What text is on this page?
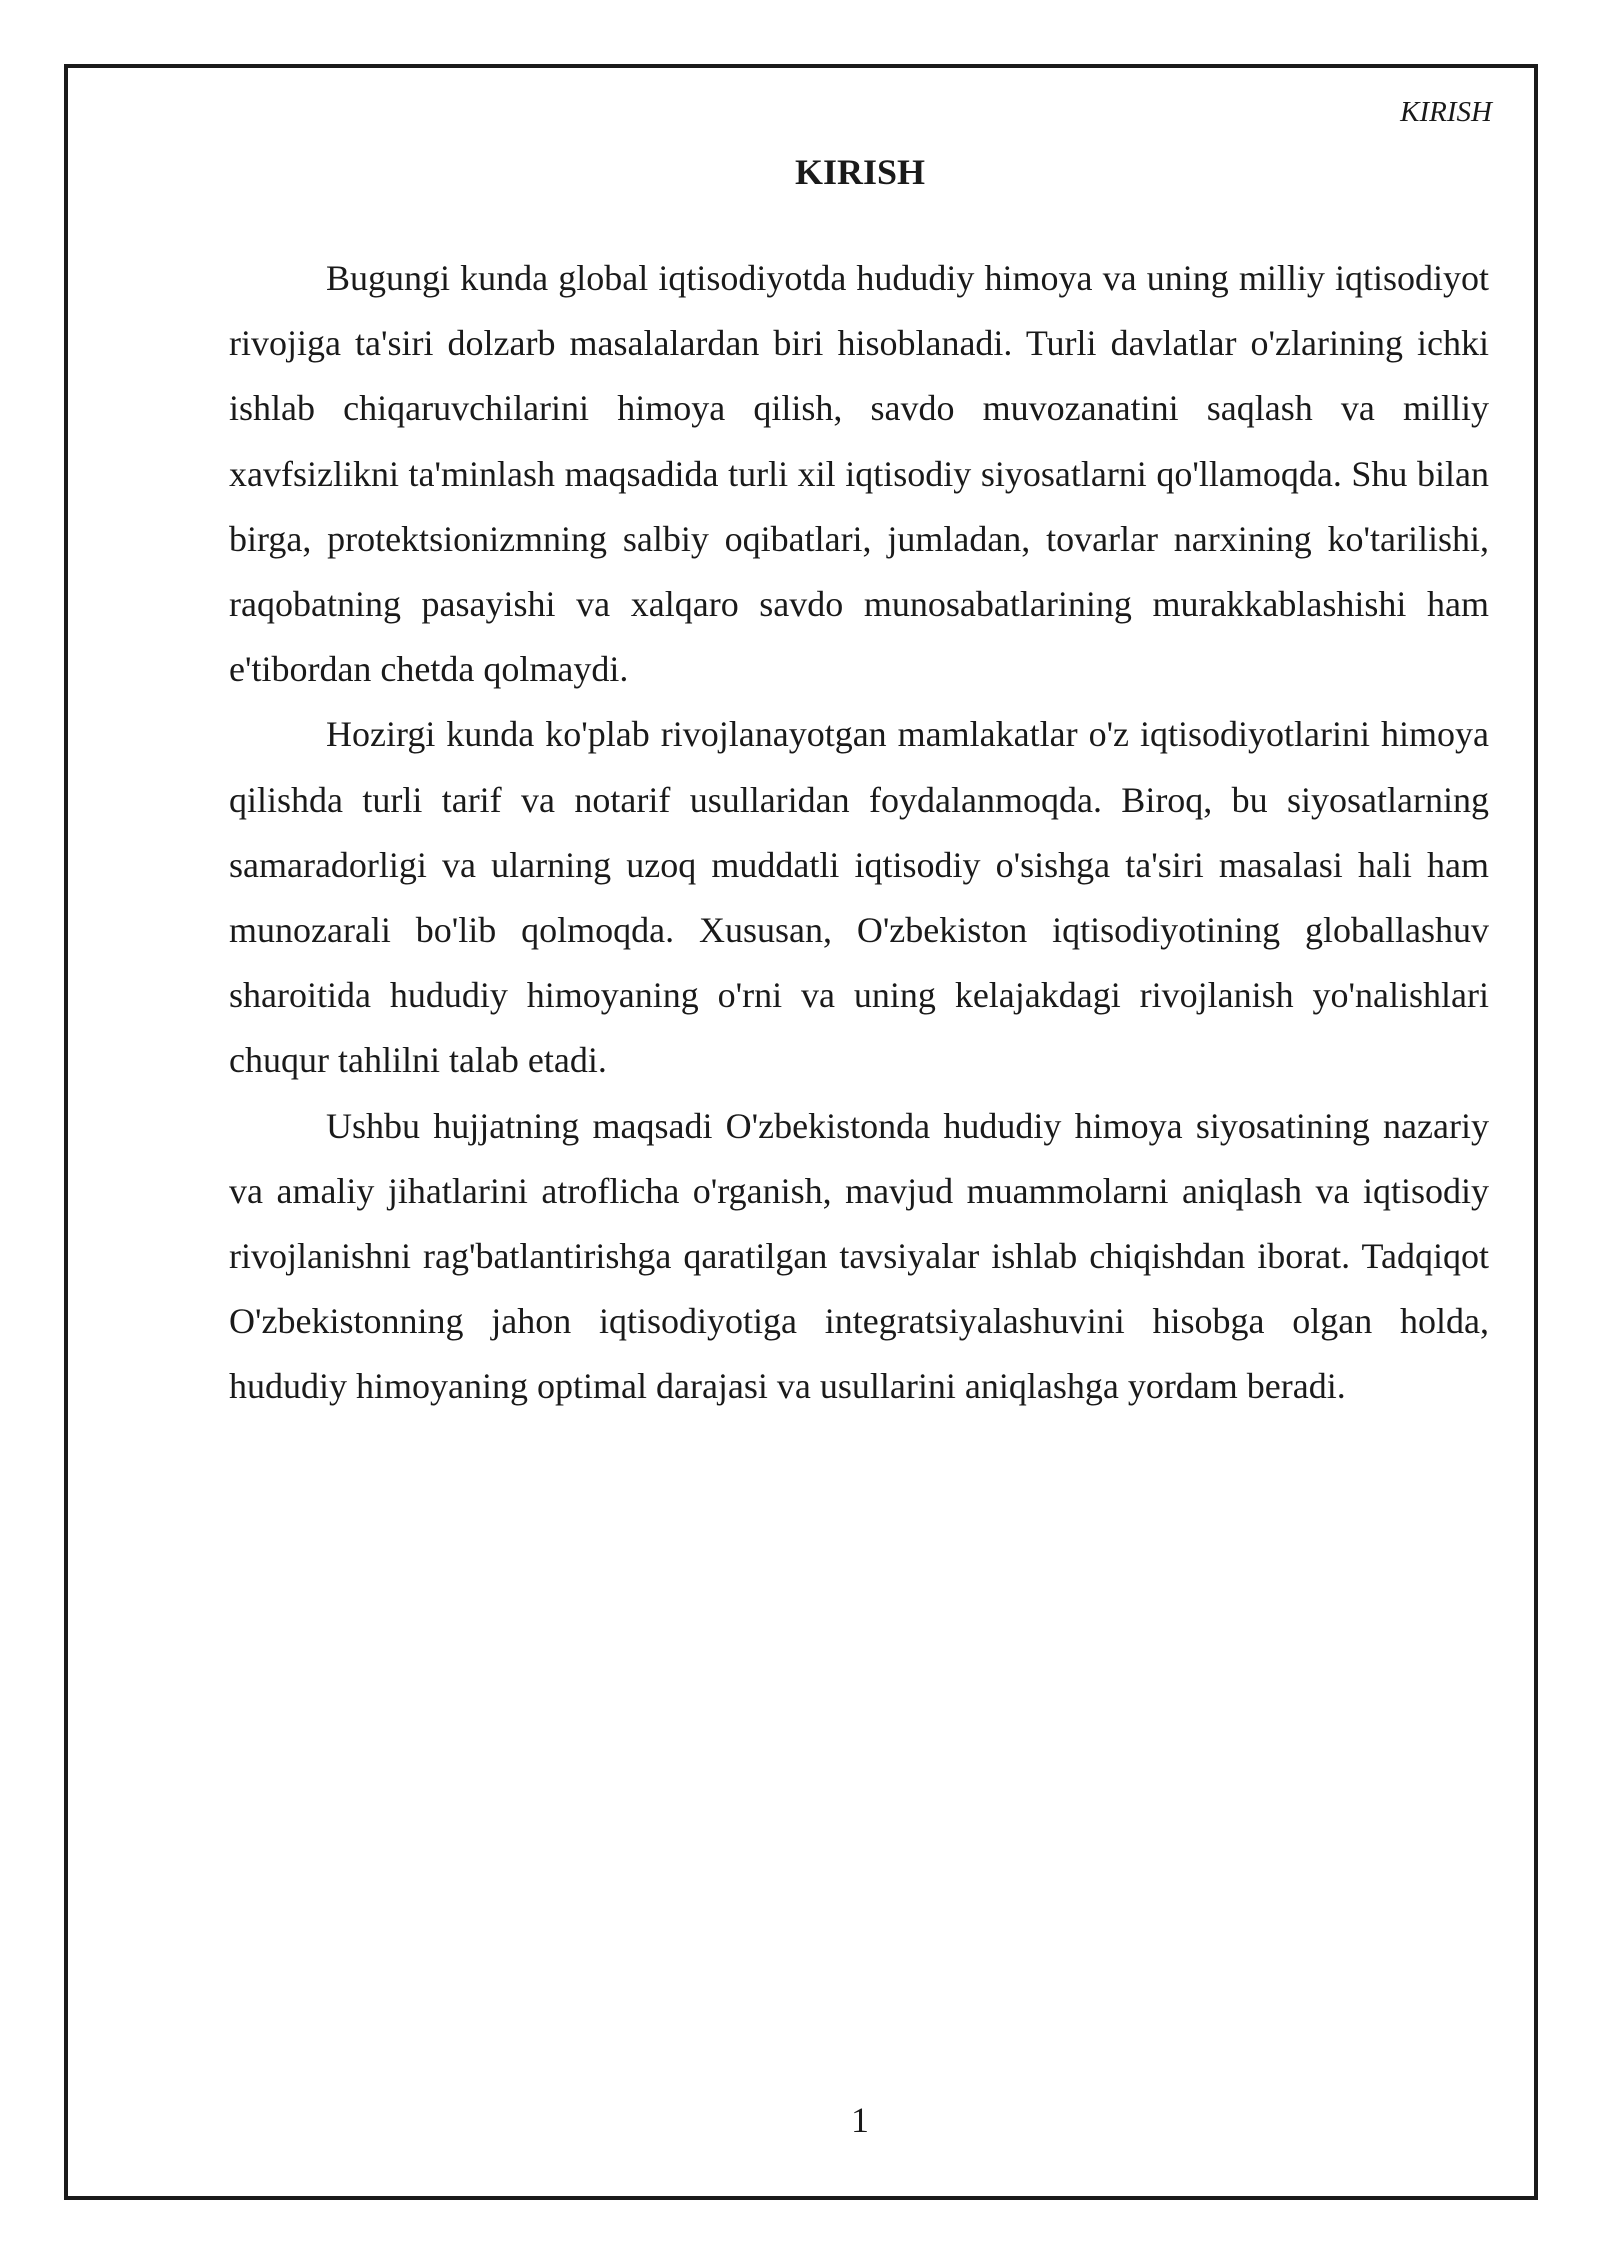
KIRISH
KIRISH

Bugungi kunda global iqtisodiyotda hududiy himoya va uning milliy iqtisodiyot rivojiga ta'siri dolzarb masalalardan biri hisoblanadi. Turli davlatlar o'zlarining ichki ishlab chiqaruvchilarini himoya qilish, savdo muvozanatini saqlash va milliy xavfsizlikni ta'minlash maqsadida turli xil iqtisodiy siyosatlarni qo'llamoqda. Shu bilan birga, protektsionizmning salbiy oqibatlari, jumladan, tovarlar narxining ko'tarilishi, raqobatning pasayishi va xalqaro savdo munosabatlarining murakkablashishi ham e'tibordan chetda qolmaydi.

Hozirgi kunda ko'plab rivojlanayotgan mamlakatlar o'z iqtisodiyotlarini himoya qilishda turli tarif va notarif usullaridan foydalanmoqda. Biroq, bu siyosatlarning samaradorligi va ularning uzoq muddatli iqtisodiy o'sishga ta'siri masalasi hali ham munozarali bo'lib qolmoqda. Xususan, O'zbekiston iqtisodiyotining globallashuv sharoitida hududiy himoyaning o'rni va uning kelajakdagi rivojlanish yo'nalishlari chuqur tahlilni talab etadi.

Ushbu hujjatning maqsadi O'zbekistonda hududiy himoya siyosatining nazariy va amaliy jihatlarini atroflicha o'rganish, mavjud muammolarni aniqlash va iqtisodiy rivojlanishni rag'batlantirishga qaratilgan tavsiyalar ishlab chiqishdan iborat. Tadqiqot O'zbekistonning jahon iqtisodiyotiga integratsiyalashuvini hisobga olgan holda, hududiy himoyaning optimal darajasi va usullarini aniqlashga yordam beradi.

1
